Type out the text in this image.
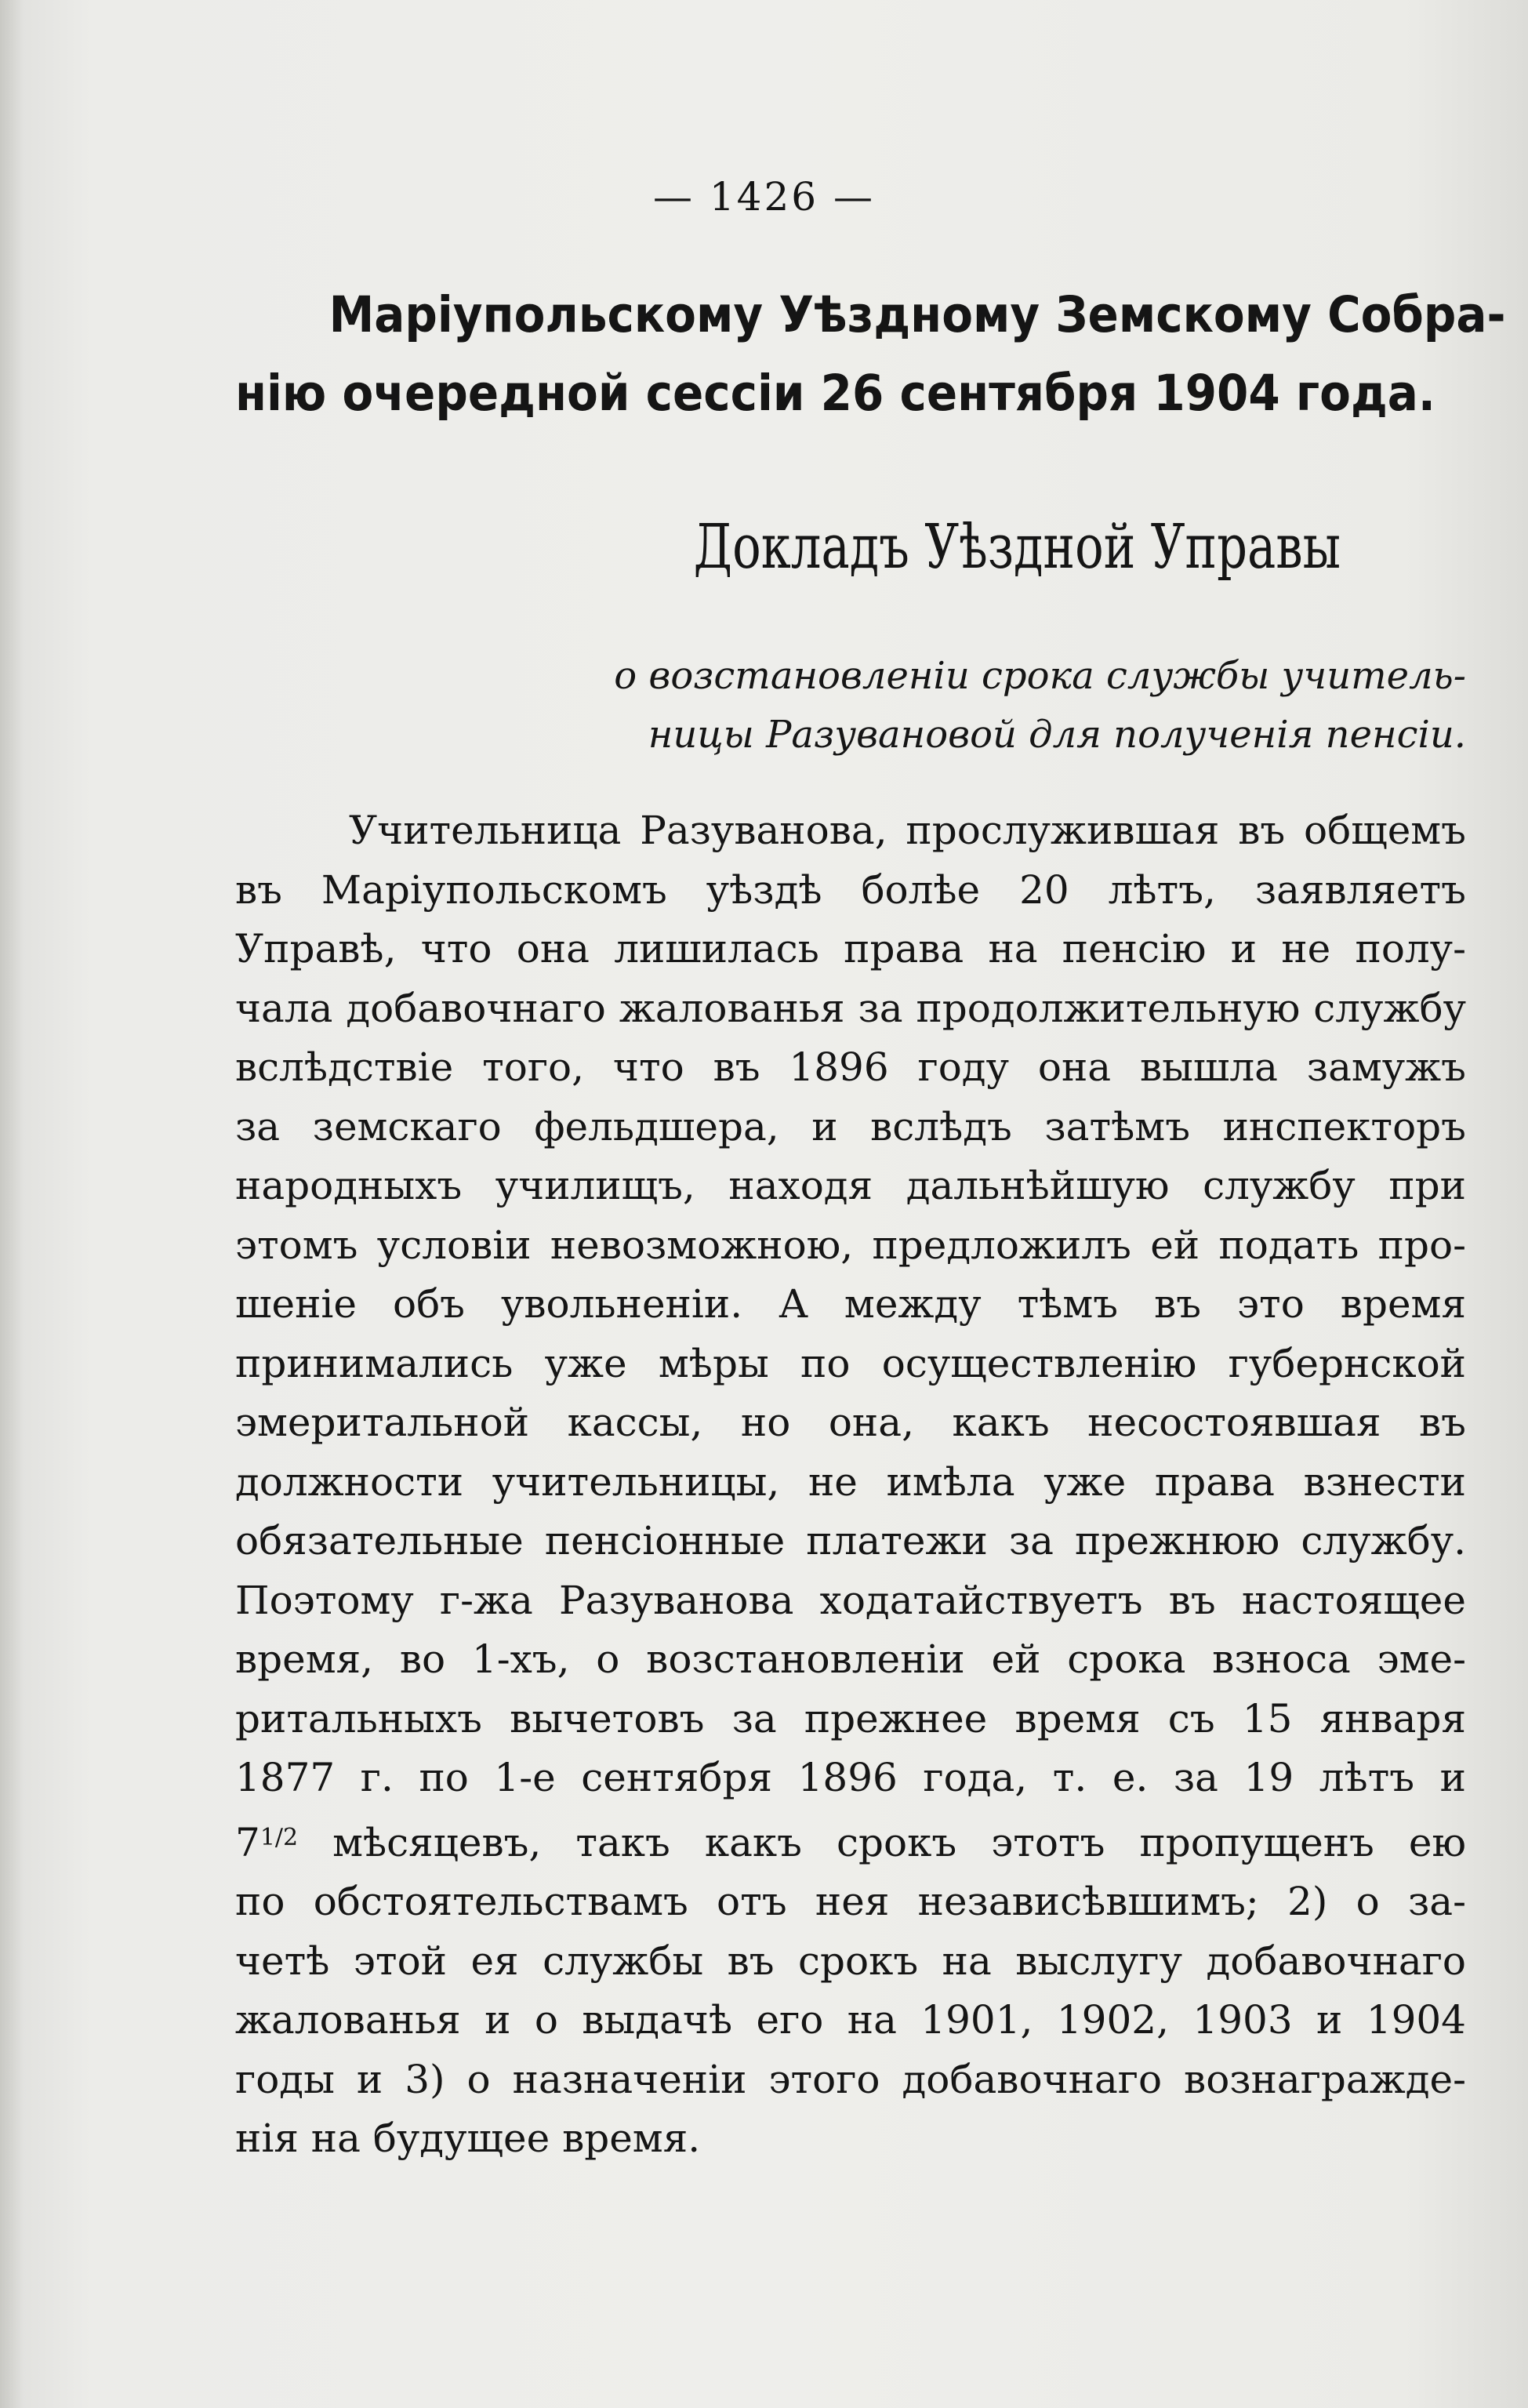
— 1426 —
Маріупольскому Уѣздному Земскому Собра-
нію очередной сессіи 26 сентября 1904 года.
Докладъ Уѣздной Управы
о возстановленіи срока службы учитель-
ницы Разувановой для полученія пенсіи.
Учительница Разуванова, прослужившая въ общемъ
въ Маріупольскомъ уѣздѣ болѣе 20 лѣтъ, заявляетъ
Управѣ, что она лишилась права на пенсію и не полу-
чала добавочнаго жалованья за продолжительную службу
вслѣдствіе того, что въ 1896 году она вышла замужъ
за земскаго фельдшера, и вслѣдъ затѣмъ инспекторъ
народныхъ училищъ, находя дальнѣйшую службу при
этомъ условіи невозможною, предложилъ ей подать про-
шеніе объ увольненіи. А между тѣмъ въ это время
принимались уже мѣры по осуществленію губернской
эмеритальной кассы, но она, какъ несостоявшая въ
должности учительницы, не имѣла уже права взнести
обязательные пенсіонные платежи за прежнюю службу.
Поэтому г-жа Разуванова ходатайствуетъ въ настоящее
время, во 1-хъ, о возстановленіи ей срока взноса эме-
ритальныхъ вычетовъ за прежнее время съ 15 января
1877 г. по 1-е сентября 1896 года, т. е. за 19 лѣтъ и
$7^{1/2}$ мѣсяцевъ, такъ какъ срокъ этотъ пропущенъ ею
по обстоятельствамъ отъ нея независѣвшимъ; 2) о за-
четѣ этой ея службы въ срокъ на выслугу добавочнаго
жалованья и о выдачѣ его на 1901, 1902, 1903 и 1904
годы и 3) о назначеніи этого добавочнаго вознагражде-
нія на будущее время.
